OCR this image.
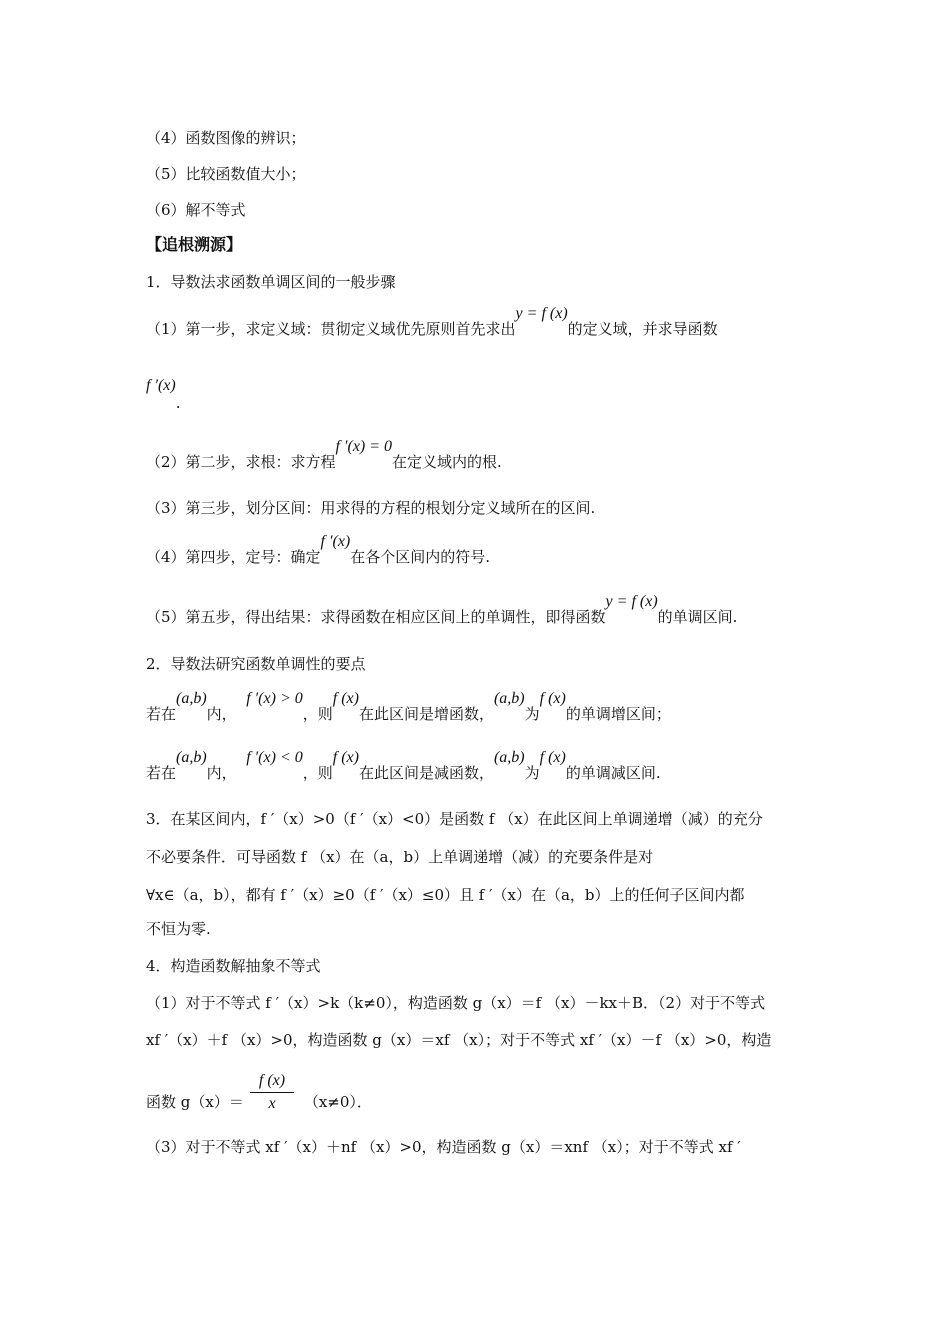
（4）函数图像的辨识；
（5）比较函数值大小；
（6）解不等式
【追根溯源】
1．导数法求函数单调区间的一般步骤
（1）第一步，求定义域：贯彻定义域优先原则首先求出y = f (x)的定义域，并求导函数
f ′(x).
（2）第二步，求根：求方程f ′(x) = 0在定义域内的根.
（3）第三步，划分区间：用求得的方程的根划分定义域所在的区间.
（4）第四步，定号：确定f ′(x)在各个区间内的符号.
（5）第五步，得出结果：求得函数在相应区间上的单调性，即得函数y = f (x)的单调区间.
2．导数法研究函数单调性的要点
若在(a,b)内，  f ′(x) > 0，则f (x)在此区间是增函数，(a,b)为f (x)的单调增区间；
若在(a,b)内，  f ′(x) < 0，则f (x)在此区间是减函数，(a,b)为f (x)的单调减区间.
3．在某区间内，f ′（x）>0（f ′（x）<0）是函数 f （x）在此区间上单调递增（减）的充分
不必要条件．可导函数 f （x）在（a，b）上单调递增（减）的充要条件是对
∀x∈（a，b），都有 f ′（x）≥0（f ′（x）≤0）且 f ′（x）在（a，b）上的任何子区间内都
不恒为零.
4．构造函数解抽象不等式
（1）对于不等式 f ′（x）>k（k≠0），构造函数 g（x）＝f （x）－kx＋B．（2）对于不等式
xf ′（x）＋f （x）>0，构造函数 g（x）＝xf （x）；对于不等式 xf ′（x）－f （x）>0，构造
函数 g（x）＝	（x≠0）．
f (x)
x
（3）对于不等式 xf ′（x）＋nf （x）>0，构造函数 g（x）＝xnf （x）；对于不等式 xf ′
